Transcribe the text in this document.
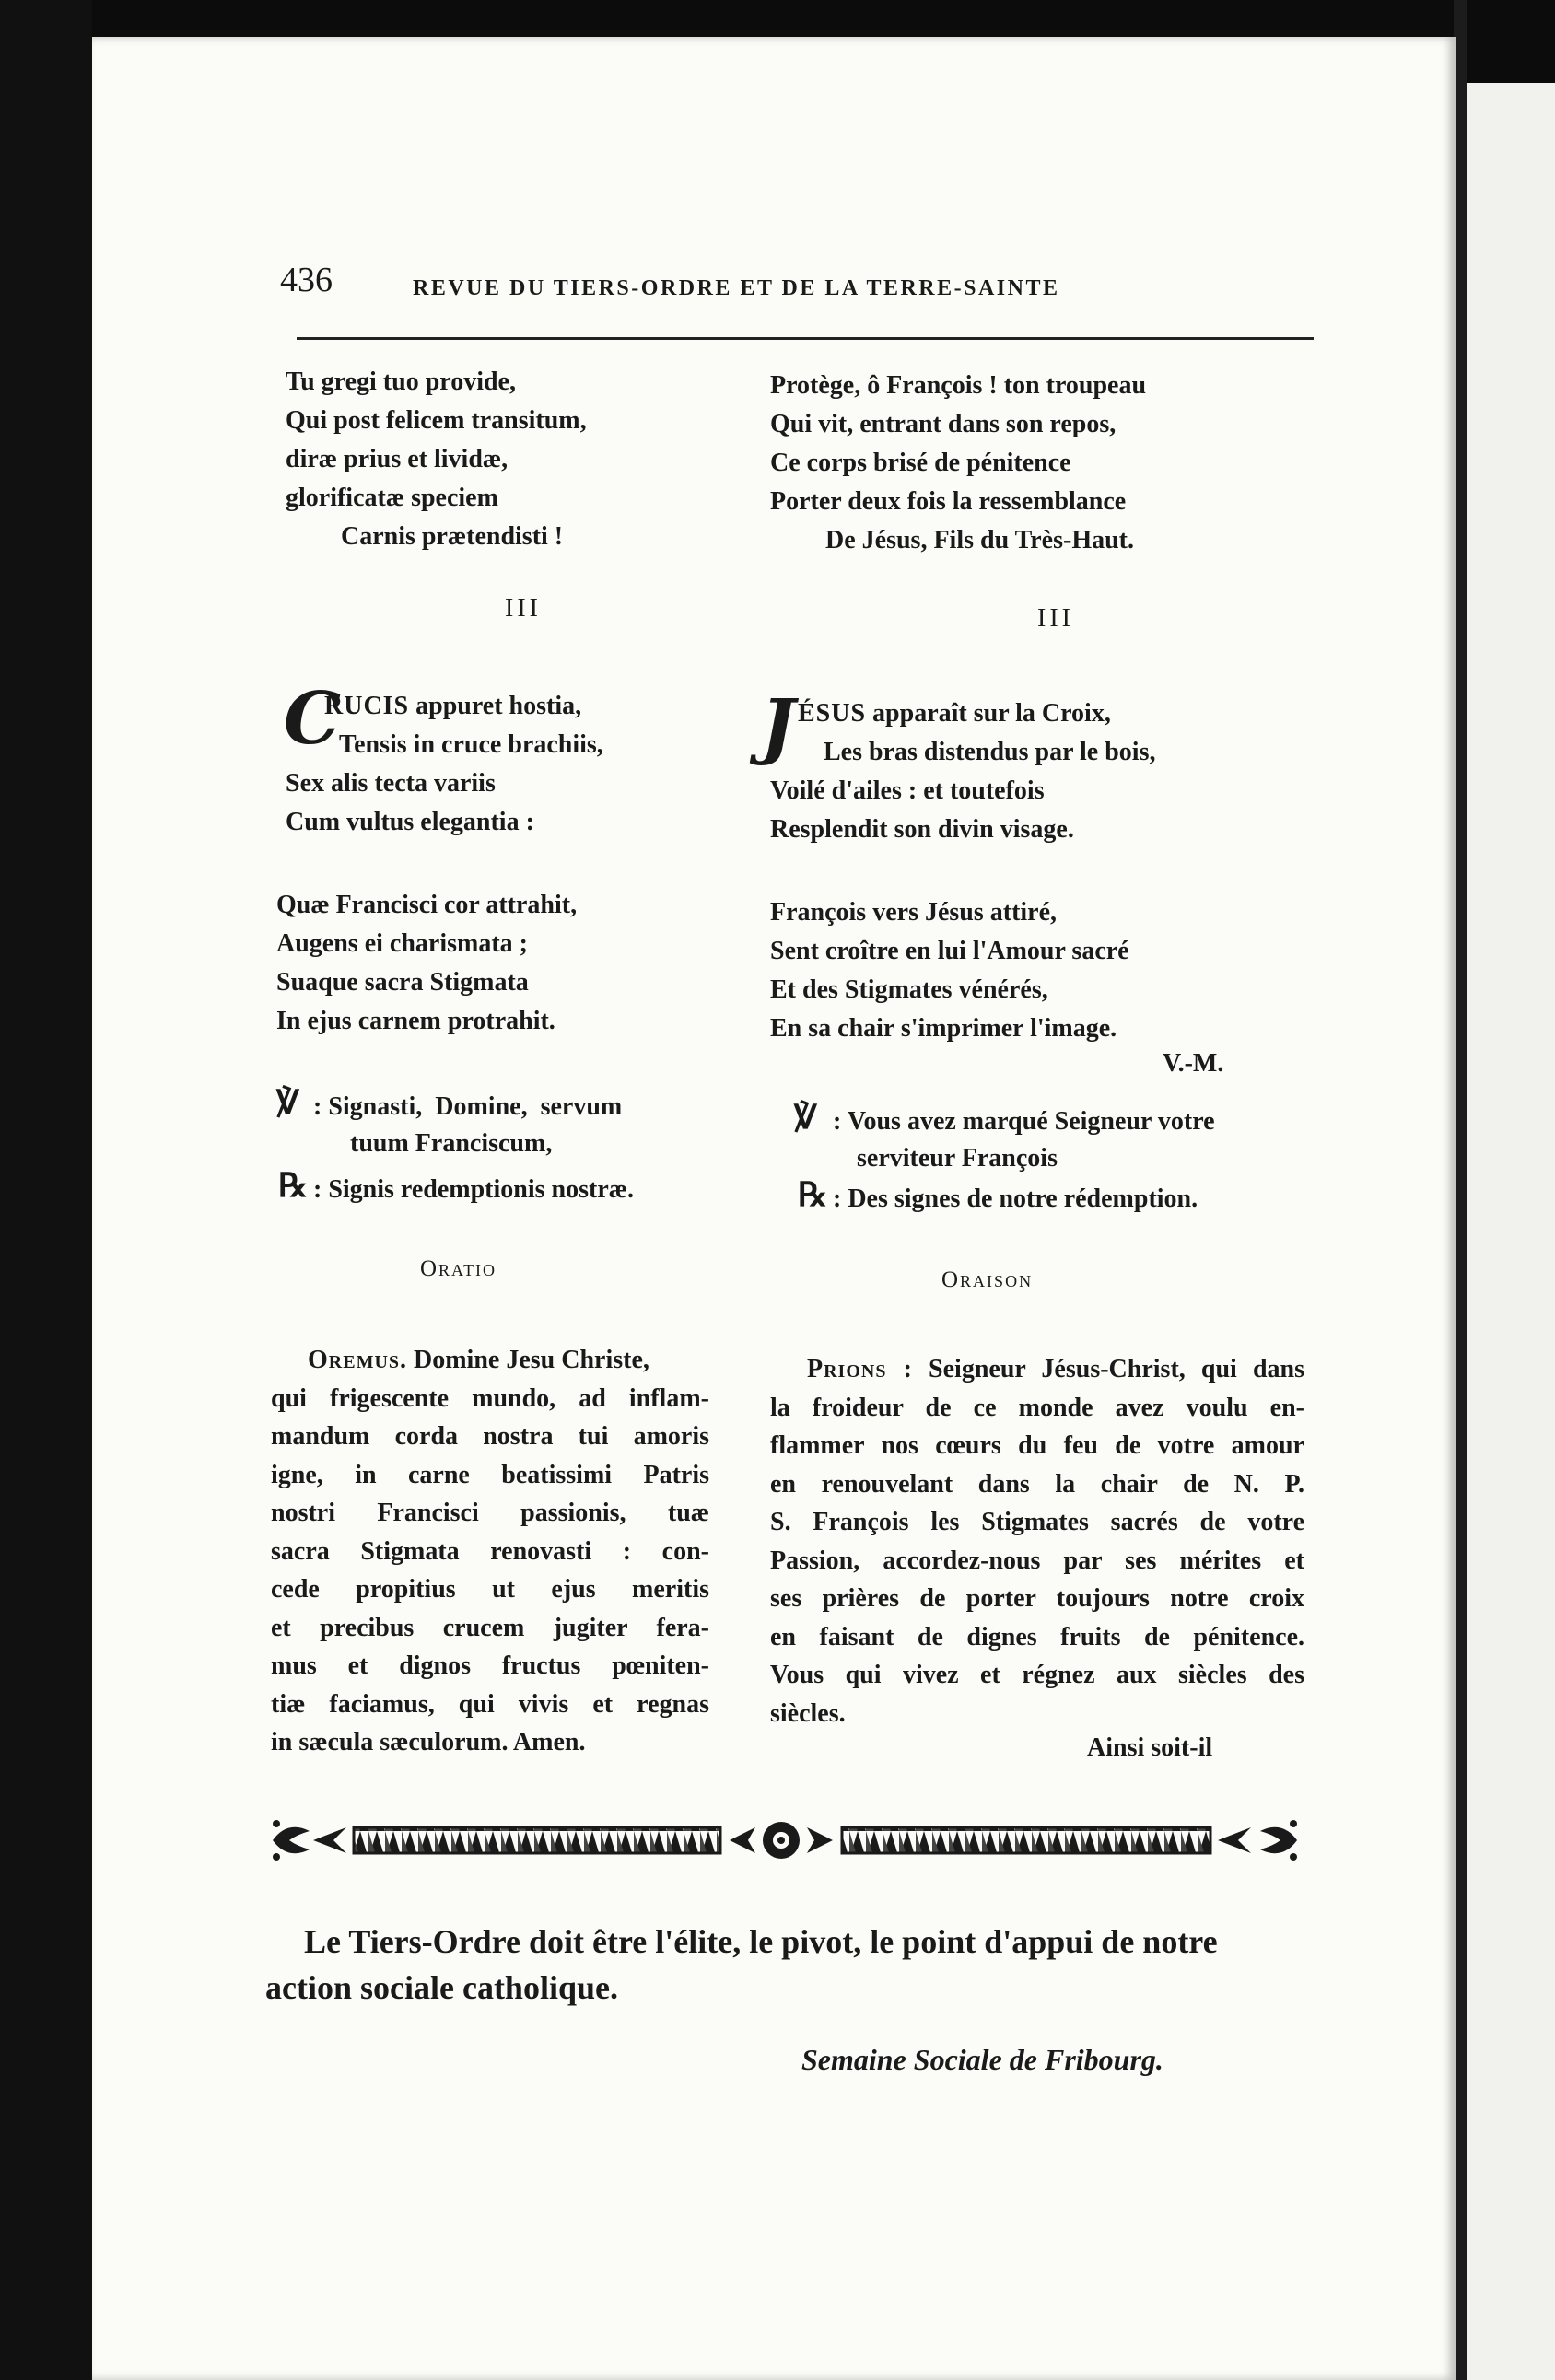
436	REVUE DU TIERS-ORDRE ET DE LA TERRE-SAINTE
Tu gregi tuo provide,
Qui post felicem transitum,
diræ prius et lividæ,
glorificatæ speciem
Carnis prætendisti !
Protège, ô François ! ton troupeau
Qui vit, entrant dans son repos,
Ce corps brisé de pénitence
Porter deux fois la ressemblance
De Jésus, Fils du Très-Haut.
III	III
C
RUCIS appuret hostia,
Tensis in cruce brachiis,
Sex alis tecta variis
Cum vultus elegantia :
J ÉSUS apparaît sur la Croix,
Les bras distendus par le bois,
Voilé d'ailes : et toutefois
Resplendit son divin visage.
Quæ Francisci cor attrahit,
Augens ei charismata ;
Suaque sacra Stigmata
In ejus carnem protrahit.
François vers Jésus attiré,
Sent croître en lui l'Amour sacré
Et des Stigmates vénérés,
En sa chair s'imprimer l'image.
V.-M.
℣ : Signasti,  Domine,  servum
tuum Franciscum,
℞ : Signis redemptionis nostræ.
℣ : Vous avez marqué Seigneur votre
serviteur François
℞ : Des signes de notre rédemption.
Oratio	Oraison
Oremus. Domine Jesu Christe,
qui frigescente mundo, ad inflam-
mandum corda nostra tui amoris
igne, in carne beatissimi Patris
nostri Francisci passionis, tuæ
sacra Stigmata renovasti : con-
cede propitius ut ejus meritis
et precibus crucem jugiter fera-
mus et dignos fructus pœniten-
tiæ faciamus, qui vivis et regnas
in sæcula sæculorum. Amen.
Prions : Seigneur Jésus-Christ, qui dans
la froideur de ce monde avez voulu en-
flammer nos cœurs du feu de votre amour
en renouvelant dans la chair de N. P.
S. François les Stigmates sacrés de votre
Passion, accordez-nous par ses mérites et
ses prières de porter toujours notre croix
en faisant de dignes fruits de pénitence.
Vous qui vivez et régnez aux siècles des
siècles.
Ainsi soit-il
Le Tiers-Ordre doit être l'élite, le pivot, le point d'appui de notre
action sociale catholique.
Semaine Sociale de Fribourg.
